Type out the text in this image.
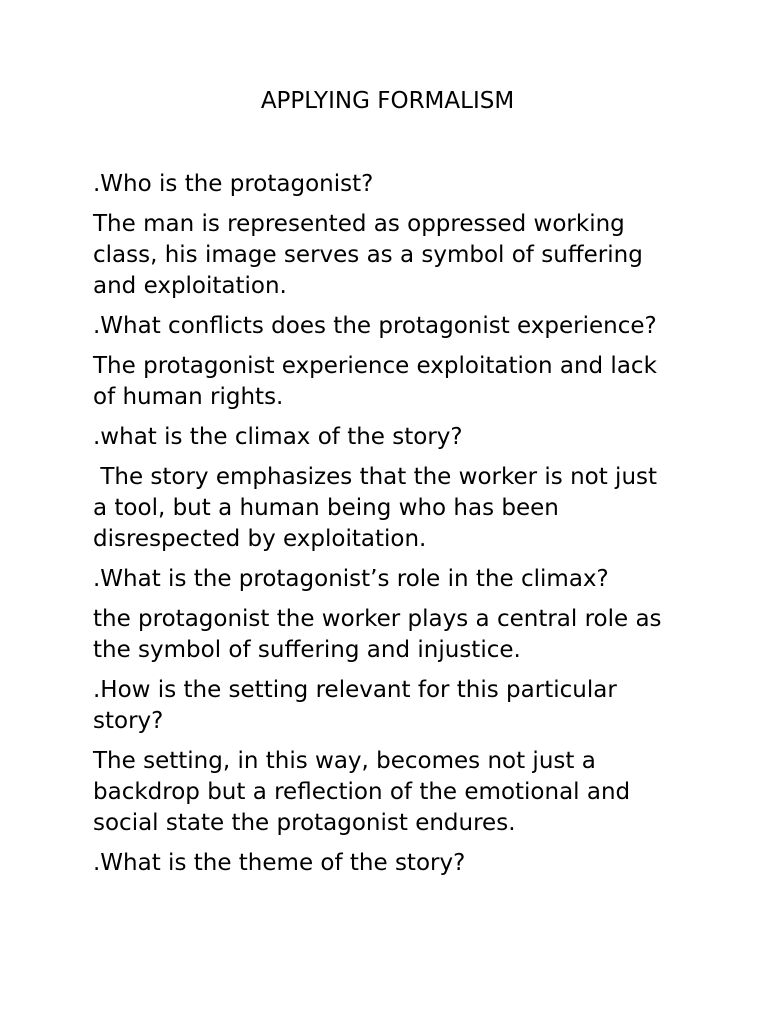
APPLYING FORMALISM

.Who is the protagonist?

The man is represented as oppressed working class, his image serves as a symbol of suffering and exploitation.

.What conflicts does the protagonist experience?

The protagonist experience exploitation and lack of human rights.

.what is the climax of the story?

The story emphasizes that the worker is not just a tool, but a human being who has been disrespected by exploitation.

.What is the protagonist’s role in the climax?

the protagonist the worker plays a central role as the symbol of suffering and injustice.

.How is the setting relevant for this particular story?

The setting, in this way, becomes not just a backdrop but a reflection of the emotional and social state the protagonist endures.

.What is the theme of the story?
